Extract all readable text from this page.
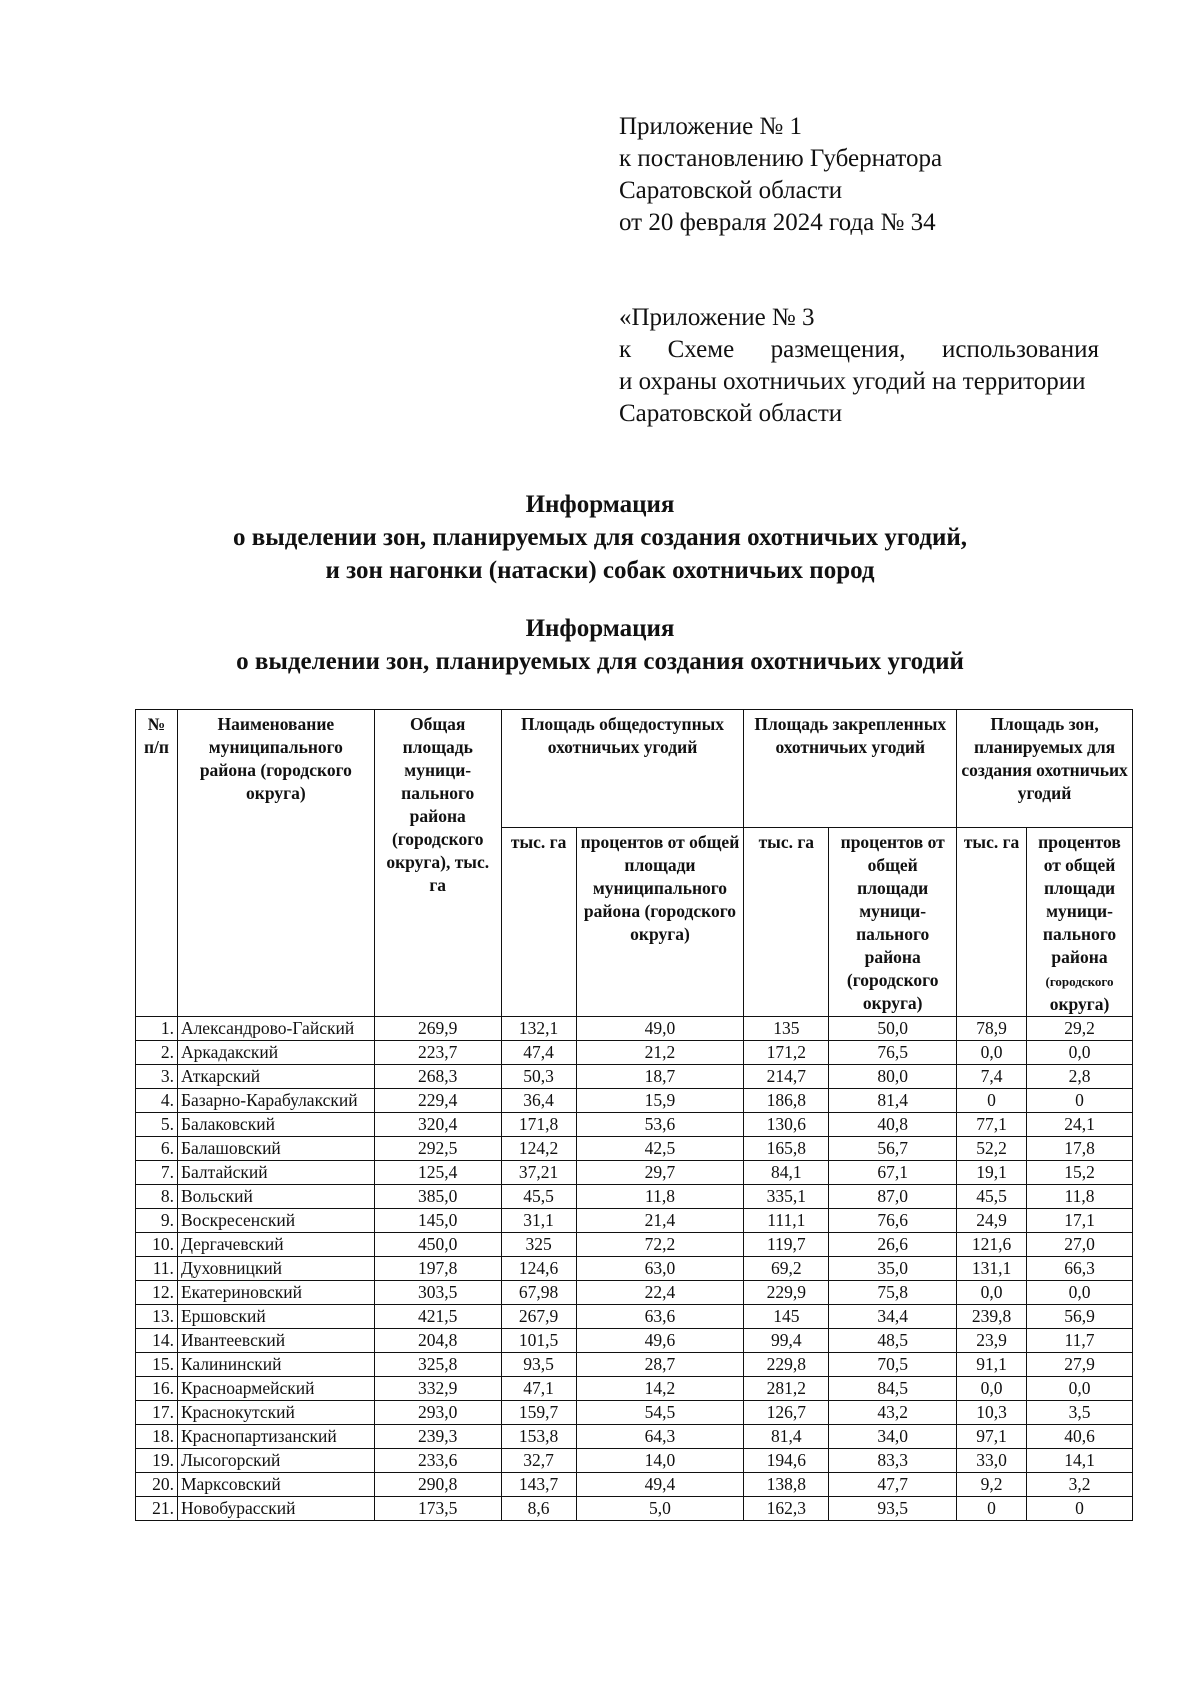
Приложение № 1
к постановлению Губернатора
Саратовской области
от 20 февраля 2024 года № 34
«Приложение № 3
к Схеме размещения, использования
и охраны охотничьих угодий на территории
Саратовской области
Информация
о выделении зон, планируемых для создания охотничьих угодий,
и зон нагонки (натаски) собак охотничьих пород
Информация
о выделении зон, планируемых для создания охотничьих угодий
№ п/п	Наименование муниципального района (городского округа)	Общая площадь муници-пального района (городского округа), тыс. га	Площадь общедоступных охотничьих угодий		Площадь закрепленных охотничьих угодий		Площадь зон, планируемых для создания охотничьих угодий	
			тыс. га	процентов от общей площади муниципального района (городского округа)	тыс. га	процентов от общей площади муници-пального района (городского округа)	тыс. га	процентов от общей площади муници-пального района
(городского
округа)
1.	Александрово-Гайский	269,9	132,1	49,0	135	50,0	78,9	29,2
2.	Аркадакский	223,7	47,4	21,2	171,2	76,5	0,0	0,0
3.	Аткарский	268,3	50,3	18,7	214,7	80,0	7,4	2,8
4.	Базарно-Карабулакский	229,4	36,4	15,9	186,8	81,4	0	0
5.	Балаковский	320,4	171,8	53,6	130,6	40,8	77,1	24,1
6.	Балашовский	292,5	124,2	42,5	165,8	56,7	52,2	17,8
7.	Балтайский	125,4	37,21	29,7	84,1	67,1	19,1	15,2
8.	Вольский	385,0	45,5	11,8	335,1	87,0	45,5	11,8
9.	Воскресенский	145,0	31,1	21,4	111,1	76,6	24,9	17,1
10.	Дергачевский	450,0	325	72,2	119,7	26,6	121,6	27,0
11.	Духовницкий	197,8	124,6	63,0	69,2	35,0	131,1	66,3
12.	Екатериновский	303,5	67,98	22,4	229,9	75,8	0,0	0,0
13.	Ершовский	421,5	267,9	63,6	145	34,4	239,8	56,9
14.	Ивантеевский	204,8	101,5	49,6	99,4	48,5	23,9	11,7
15.	Калининский	325,8	93,5	28,7	229,8	70,5	91,1	27,9
16.	Красноармейский	332,9	47,1	14,2	281,2	84,5	0,0	0,0
17.	Краснокутский	293,0	159,7	54,5	126,7	43,2	10,3	3,5
18.	Краснопартизанский	239,3	153,8	64,3	81,4	34,0	97,1	40,6
19.	Лысогорский	233,6	32,7	14,0	194,6	83,3	33,0	14,1
20.	Марксовский	290,8	143,7	49,4	138,8	47,7	9,2	3,2
21.	Новобурасский	173,5	8,6	5,0	162,3	93,5	0	0
